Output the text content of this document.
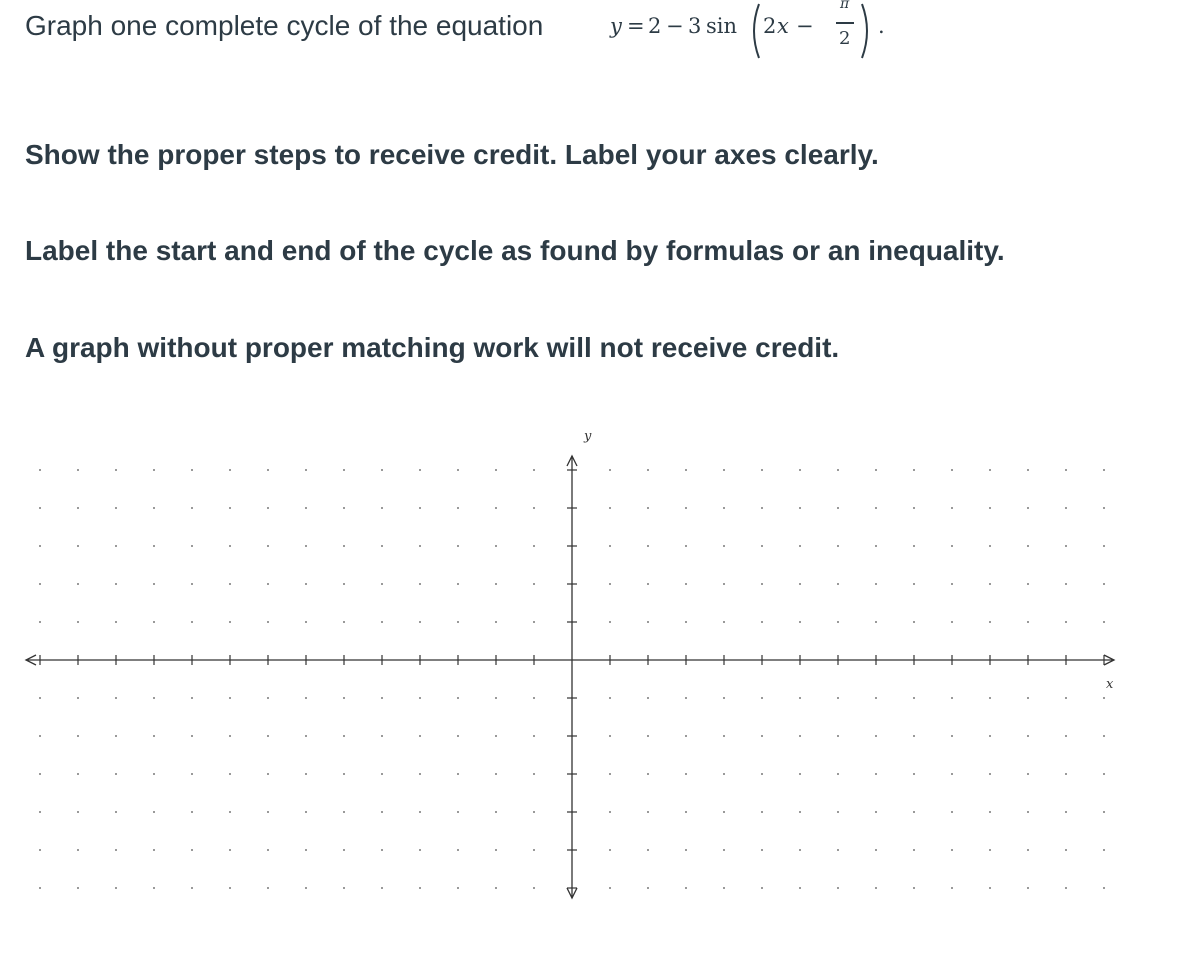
Graph one complete cycle of the equation	y = 2 − 3 sin 2 x −
π
2
.
Show the proper steps to receive credit. Label your axes clearly.
Label the start and end of the cycle as found by formulas or an inequality.
A graph without proper matching work will not receive credit.
x
y
